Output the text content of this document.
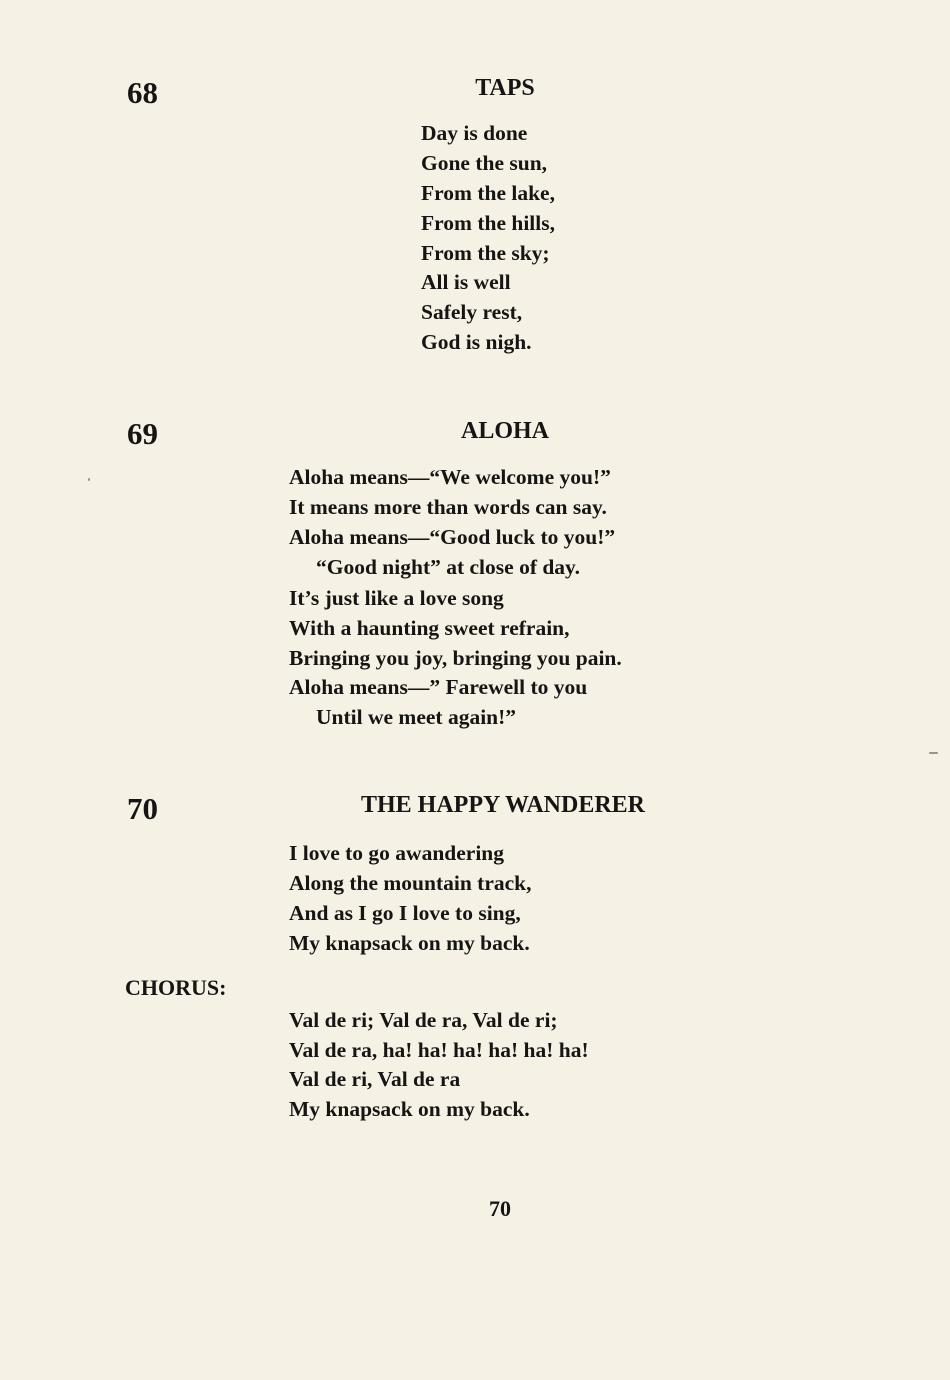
68	TAPS
Day is done
Gone the sun,
From the lake,
From the hills,
From the sky;
All is well
Safely rest,
God is nigh.
69	ALOHA
Aloha means—“We welcome you!”
It means more than words can say.
Aloha means—“Good luck to you!”
“Good night” at close of day.
It’s just like a love song
With a haunting sweet refrain,
Bringing you joy, bringing you pain.
Aloha means—” Farewell to you
Until we meet again!”
70	THE HAPPY WANDERER
I love to go awandering
Along the mountain track,
And as I go I love to sing,
My knapsack on my back.
CHORUS:
Val de ri; Val de ra, Val de ri;
Val de ra, ha! ha! ha! ha! ha! ha!
Val de ri, Val de ra
My knapsack on my back.
70
